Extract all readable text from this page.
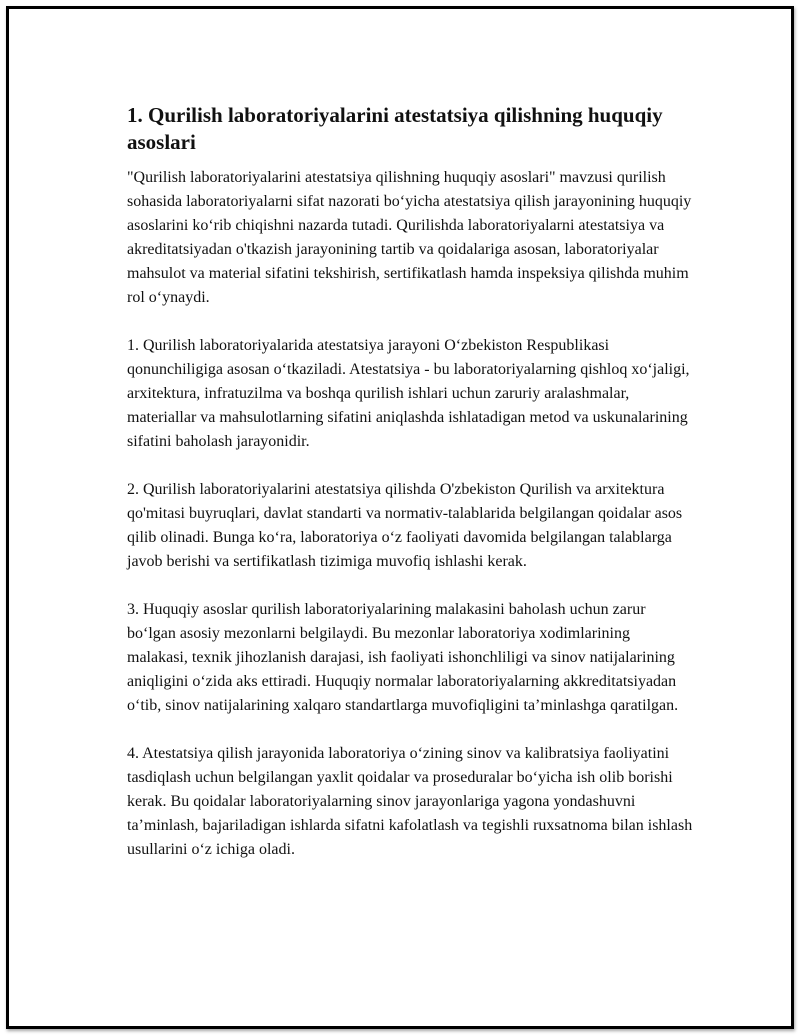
1. Qurilish laboratoriyalarini atestatsiya qilishning huquqiy asoslari

"Qurilish laboratoriyalarini atestatsiya qilishning huquqiy asoslari" mavzusi qurilish sohasida laboratoriyalarni sifat nazorati bo‘yicha atestatsiya qilish jarayonining huquqiy asoslarini ko‘rib chiqishni nazarda tutadi. Qurilishda laboratoriyalarni atestatsiya va akreditatsiyadan o'tkazish jarayonining tartib va qoidalariga asosan, laboratoriyalar mahsulot va material sifatini tekshirish, sertifikatlash hamda inspeksiya qilishda muhim rol o‘ynaydi.

1. Qurilish laboratoriyalarida atestatsiya jarayoni O‘zbekiston Respublikasi qonunchiligiga asosan o‘tkaziladi. Atestatsiya - bu laboratoriyalarning qishloq xo‘jaligi, arxitektura, infratuzilma va boshqa qurilish ishlari uchun zaruriy aralashmalar, materiallar va mahsulotlarning sifatini aniqlashda ishlatadigan metod va uskunalarining sifatini baholash jarayonidir.

2. Qurilish laboratoriyalarini atestatsiya qilishda O'zbekiston Qurilish va arxitektura qo'mitasi buyruqlari, davlat standarti va normativ-talablarida belgilangan qoidalar asos qilib olinadi. Bunga ko‘ra, laboratoriya o‘z faoliyati davomida belgilangan talablarga javob berishi va sertifikatlash tizimiga muvofiq ishlashi kerak.

3. Huquqiy asoslar qurilish laboratoriyalarining malakasini baholash uchun zarur bo‘lgan asosiy mezonlarni belgilaydi. Bu mezonlar laboratoriya xodimlarining malakasi, texnik jihozlanish darajasi, ish faoliyati ishonchliligi va sinov natijalarining aniqligini o‘zida aks ettiradi. Huquqiy normalar laboratoriyalarning akkreditatsiyadan o‘tib, sinov natijalarining xalqaro standartlarga muvofiqligini ta’minlashga qaratilgan.

4. Atestatsiya qilish jarayonida laboratoriya o‘zining sinov va kalibratsiya faoliyatini tasdiqlash uchun belgilangan yaxlit qoidalar va proseduralar bo‘yicha ish olib borishi kerak. Bu qoidalar laboratoriyalarning sinov jarayonlariga yagona yondashuvni ta’minlash, bajariladigan ishlarda sifatni kafolatlash va tegishli ruxsatnoma bilan ishlash usullarini o‘z ichiga oladi.
